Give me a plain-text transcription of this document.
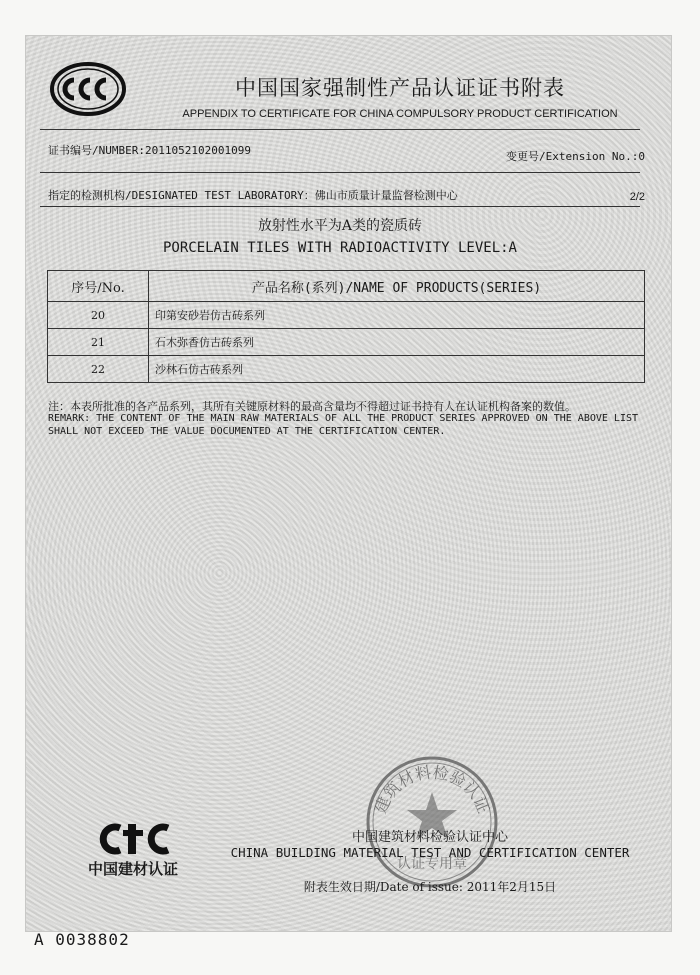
中国国家强制性产品认证证书附表
APPENDIX TO CERTIFICATE FOR CHINA COMPULSORY PRODUCT CERTIFICATION
证书编号/NUMBER:2011052102001099	变更号/Extension No.:0
指定的检测机构/DESIGNATED TEST LABORATORY：佛山市质量计量监督检测中心	2/2
放射性水平为A类的瓷质砖
PORCELAIN TILES WITH RADIOACTIVITY LEVEL:A
序号/No.	产品名称(系列)/NAME OF PRODUCTS(SERIES)
20	印第安砂岩仿古砖系列
21	石木弥香仿古砖系列
22	沙林石仿古砖系列
注：本表所批准的各产品系列，其所有关键原材料的最高含量均不得超过证书持有人在认证机构备案的数值。
REMARK: THE CONTENT OF THE MAIN RAW MATERIALS OF ALL THE PRODUCT SERIES APPROVED ON THE ABOVE LIST SHALL NOT EXCEED THE VALUE DOCUMENTED AT THE CERTIFICATION CENTER.
中国建材认证
建筑材料检验认证
认证专用章
中国建筑材料检验认证中心
CHINA BUILDING MATERIAL TEST AND CERTIFICATION CENTER
附表生效日期/Date of issue: 2011年2月15日
A 0038802
